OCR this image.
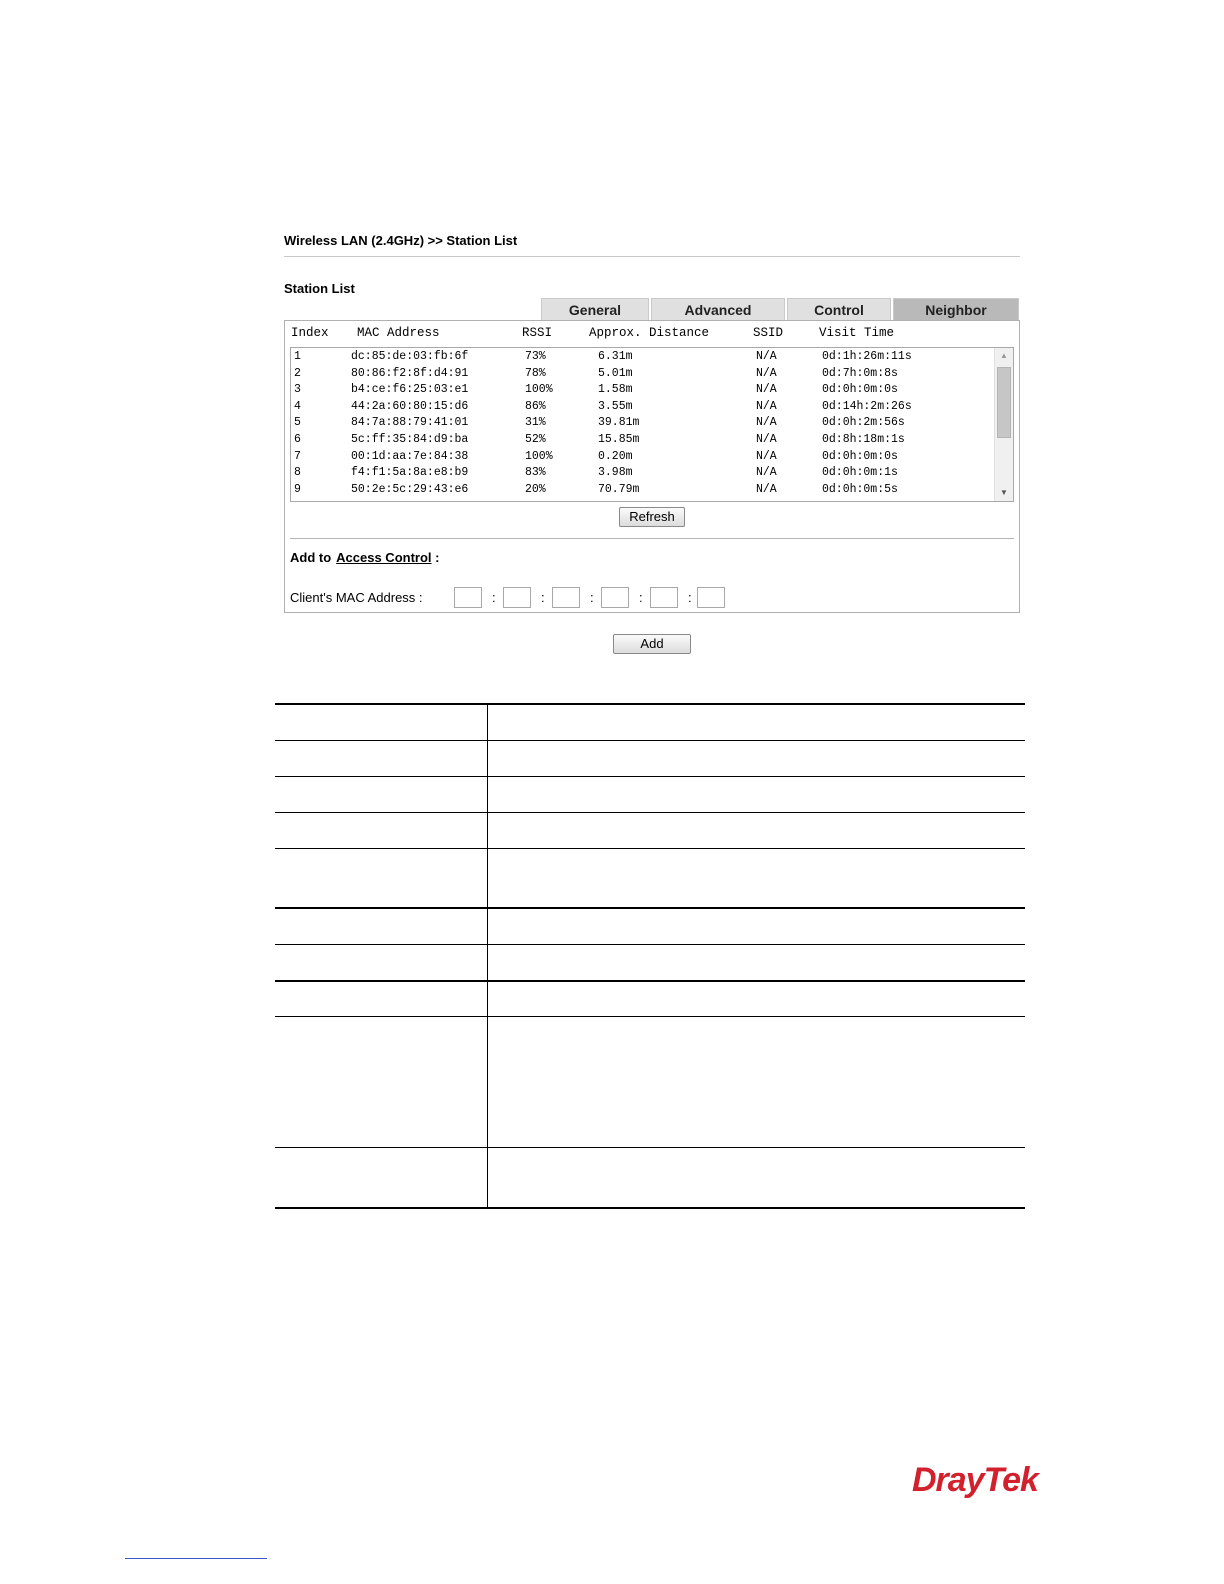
Wireless LAN (2.4GHz) >> Station List
Station List
General	Advanced	Control	Neighbor
Index MAC Address	RSSI	Approx. Distance	SSID	Visit Time
1	dc:85:de:03:fb:6f	73%	6.31m	N/A	0d:1h:26m:11s
2	80:86:f2:8f:d4:91	78%	5.01m	N/A	0d:7h:0m:8s
3	b4:ce:f6:25:03:e1	100%	1.58m	N/A	0d:0h:0m:0s
4	44:2a:60:80:15:d6	86%	3.55m	N/A	0d:14h:2m:26s
5	84:7a:88:79:41:01	31%	39.81m	N/A	0d:0h:2m:56s
6	5c:ff:35:84:d9:ba	52%	15.85m	N/A	0d:8h:18m:1s
7	00:1d:aa:7e:84:38	100%	0.20m	N/A	0d:0h:0m:0s
8	f4:f1:5a:8a:e8:b9	83%	3.98m	N/A	0d:0h:0m:1s
9	50:2e:5c:29:43:e6	20%	70.79m	N/A	0d:0h:0m:5s
▲
▼
Refresh
Add to Access Control :
Client's MAC Address :	:	:	:	:	:
Add
DrayTek
